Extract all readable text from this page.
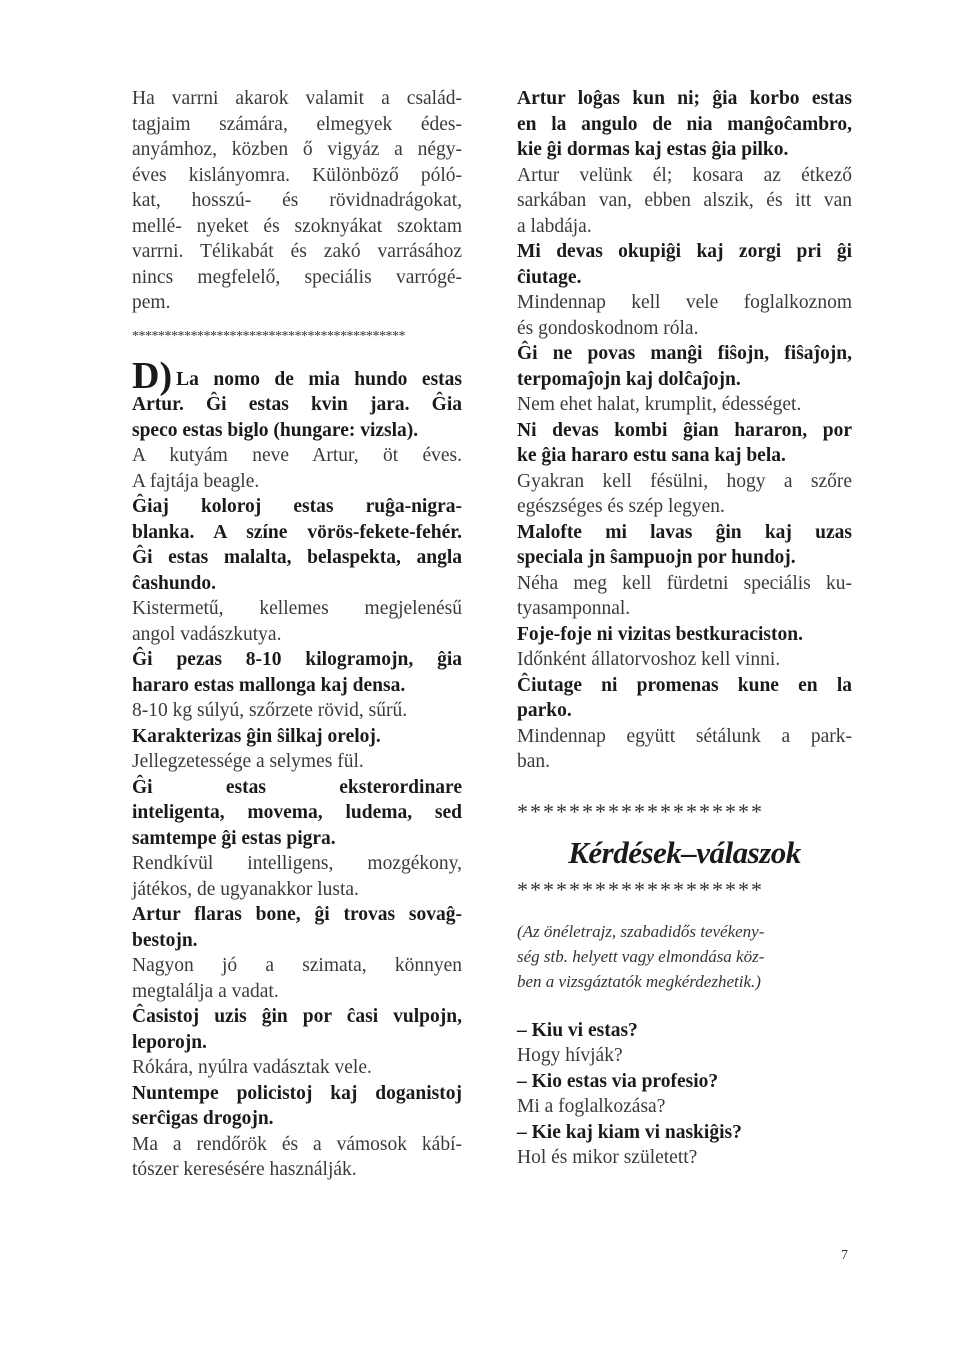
Ha varrni akarok valamit a család-
tagjaim számára, elmegyek édes-
anyámhoz, közben ő vigyáz a négy-
éves kislányomra. Különböző póló-
kat, hosszú- és rövidnadrágokat,
mellé- nyeket és szoknyákat szoktam
varrni. Télikabát és zakó varrásához
nincs megfelelő, speciális varrógé-
pem.
******************************************
D) La nomo de mia hundo estas
Artur. Ĝi estas kvin jara. Ĝia
speco estas biglo (hungare: vizsla).
A kutyám neve Artur, öt éves.
A fajtája beagle.
Ĝiaj koloroj estas ruĝa-nigra-
blanka. A színe vörös-fekete-fehér.
Ĝi estas malalta, belaspekta, angla
ĉashundo.
Kistermetű, kellemes megjelenésű
angol vadászkutya.
Ĝi pezas 8-10 kilogramojn, ĝia
hararo estas mallonga kaj densa.
8-10 kg súlyú, szőrzete rövid, sűrű.
Karakterizas ĝin ŝilkaj oreloj.
Jellegzetessége a selymes fül.
Ĝi estas eksterordinare
inteligenta, movema, ludema, sed
samtempe ĝi estas pigra.
Rendkívül intelligens, mozgékony,
játékos, de ugyanakkor lusta.
Artur flaras bone, ĝi trovas sovaĝ-
bestojn.
Nagyon jó a szimata, könnyen
megtalálja a vadat.
Ĉasistoj uzis ĝin por ĉasi vulpojn,
leporojn.
Rókára, nyúlra vadásztak vele.
Nuntempe policistoj kaj doganistoj
serĉigas drogojn.
Ma a rendőrök és a vámosok kábí-
tószer keresésére használják.
Artur loĝas kun ni; ĝia korbo estas
en la angulo de nia manĝoĉambro,
kie ĝi dormas kaj estas ĝia pilko.
Artur velünk él; kosara az étkező
sarkában van, ebben alszik, és itt van
a labdája.
Mi devas okupiĝi kaj zorgi pri ĝi
ĉiutage.
Mindennap kell vele foglalkoznom
és gondoskodnom róla.
Ĝi ne povas manĝi fiŝojn, fiŝaĵojn,
terpomaĵojn kaj dolĉaĵojn.
Nem ehet halat, krumplit, édességet.
Ni devas kombi ĝian hararon, por
ke ĝia hararo estu sana kaj bela.
Gyakran kell fésülni, hogy a szőre
egészséges és szép legyen.
Malofte mi lavas ĝin kaj uzas
speciala jn ŝampuojn por hundoj.
Néha meg kell fürdetni speciális ku-
tyasamponnal.
Foje-foje ni vizitas bestkuraciston.
Időnként állatorvoshoz kell vinni.
Ĉiutage ni promenas kune en la
parko.
Mindennap együtt sétálunk a park-
ban.
*******************
Kérdések–válaszok
*******************
(Az önéletrajz, szabadidős tevékeny-
ség stb. helyett vagy elmondása köz-
ben a vizsgáztatók megkérdezhetik.)
– Kiu vi estas?
Hogy hívják?
– Kio estas via profesio?
Mi a foglalkozása?
– Kie kaj kiam vi naskiĝis?
Hol és mikor született?
7
